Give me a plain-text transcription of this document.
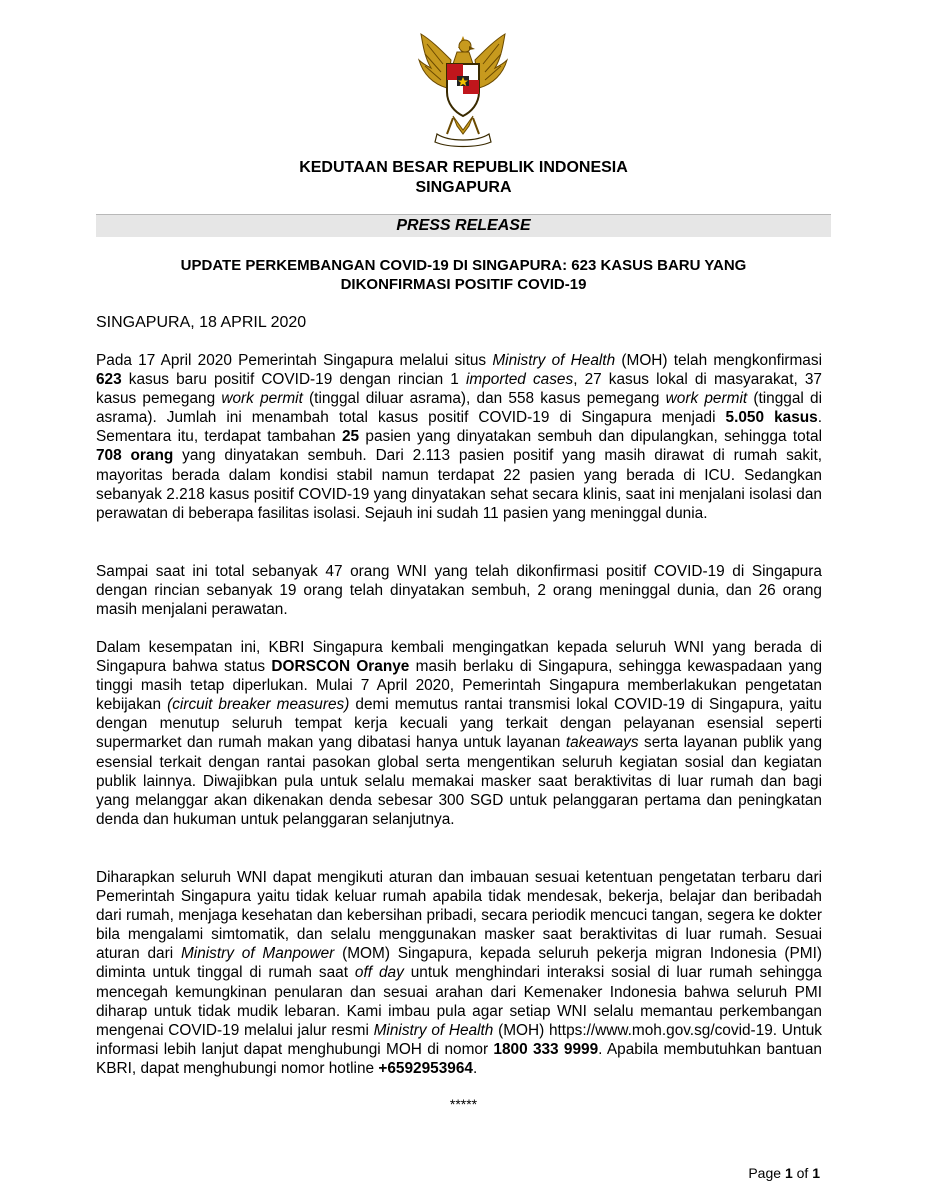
KEDUTAAN BESAR REPUBLIK INDONESIA
SINGAPURA
PRESS RELEASE
UPDATE PERKEMBANGAN COVID-19 DI SINGAPURA: 623 KASUS BARU YANG
DIKONFIRMASI POSITIF COVID-19
SINGAPURA, 18 APRIL 2020

Pada 17 April 2020 Pemerintah Singapura melalui situs Ministry of Health (MOH) telah mengkonfirmasi 623 kasus baru positif COVID-19 dengan rincian 1 imported cases, 27 kasus lokal di masyarakat, 37 kasus pemegang work permit (tinggal diluar asrama), dan 558 kasus pemegang work permit (tinggal di asrama). Jumlah ini menambah total kasus positif COVID-19 di Singapura menjadi 5.050 kasus. Sementara itu, terdapat tambahan 25 pasien yang dinyatakan sembuh dan dipulangkan, sehingga total 708 orang yang dinyatakan sembuh. Dari 2.113 pasien positif yang masih dirawat di rumah sakit, mayoritas berada dalam kondisi stabil namun terdapat 22 pasien yang berada di ICU. Sedangkan sebanyak 2.218 kasus positif COVID-19 yang dinyatakan sehat secara klinis, saat ini menjalani isolasi dan perawatan di beberapa fasilitas isolasi. Sejauh ini sudah 11 pasien yang meninggal dunia.

Sampai saat ini total sebanyak 47 orang WNI yang telah dikonfirmasi positif COVID-19 di Singapura dengan rincian sebanyak 19 orang telah dinyatakan sembuh, 2 orang meninggal dunia, dan 26 orang masih menjalani perawatan.

Dalam kesempatan ini, KBRI Singapura kembali mengingatkan kepada seluruh WNI yang berada di Singapura bahwa status DORSCON Oranye masih berlaku di Singapura, sehingga kewaspadaan yang tinggi masih tetap diperlukan. Mulai 7 April 2020, Pemerintah Singapura memberlakukan pengetatan kebijakan (circuit breaker measures) demi memutus rantai transmisi lokal COVID-19 di Singapura, yaitu dengan menutup seluruh tempat kerja kecuali yang terkait dengan pelayanan esensial seperti supermarket dan rumah makan yang dibatasi hanya untuk layanan takeaways serta layanan publik yang esensial terkait dengan rantai pasokan global serta mengentikan seluruh kegiatan sosial dan kegiatan publik lainnya. Diwajibkan pula untuk selalu memakai masker saat beraktivitas di luar rumah dan bagi yang melanggar akan dikenakan denda sebesar 300 SGD untuk pelanggaran pertama dan peningkatan denda dan hukuman untuk pelanggaran selanjutnya.

Diharapkan seluruh WNI dapat mengikuti aturan dan imbauan sesuai ketentuan pengetatan terbaru dari Pemerintah Singapura yaitu tidak keluar rumah apabila tidak mendesak, bekerja, belajar dan beribadah dari rumah, menjaga kesehatan dan kebersihan pribadi, secara periodik mencuci tangan, segera ke dokter bila mengalami simtomatik, dan selalu menggunakan masker saat beraktivitas di luar rumah. Sesuai aturan dari Ministry of Manpower (MOM) Singapura, kepada seluruh pekerja migran Indonesia (PMI) diminta untuk tinggal di rumah saat off day untuk menghindari interaksi sosial di luar rumah sehingga mencegah kemungkinan penularan dan sesuai arahan dari Kemenaker Indonesia bahwa seluruh PMI diharap untuk tidak mudik lebaran. Kami imbau pula agar setiap WNI selalu memantau perkembangan mengenai COVID-19 melalui jalur resmi Ministry of Health (MOH) https://www.moh.gov.sg/covid-19. Untuk informasi lebih lanjut dapat menghubungi MOH di nomor 1800 333 9999. Apabila membutuhkan bantuan KBRI, dapat menghubungi nomor hotline +6592953964.

*****
Page 1 of 1
